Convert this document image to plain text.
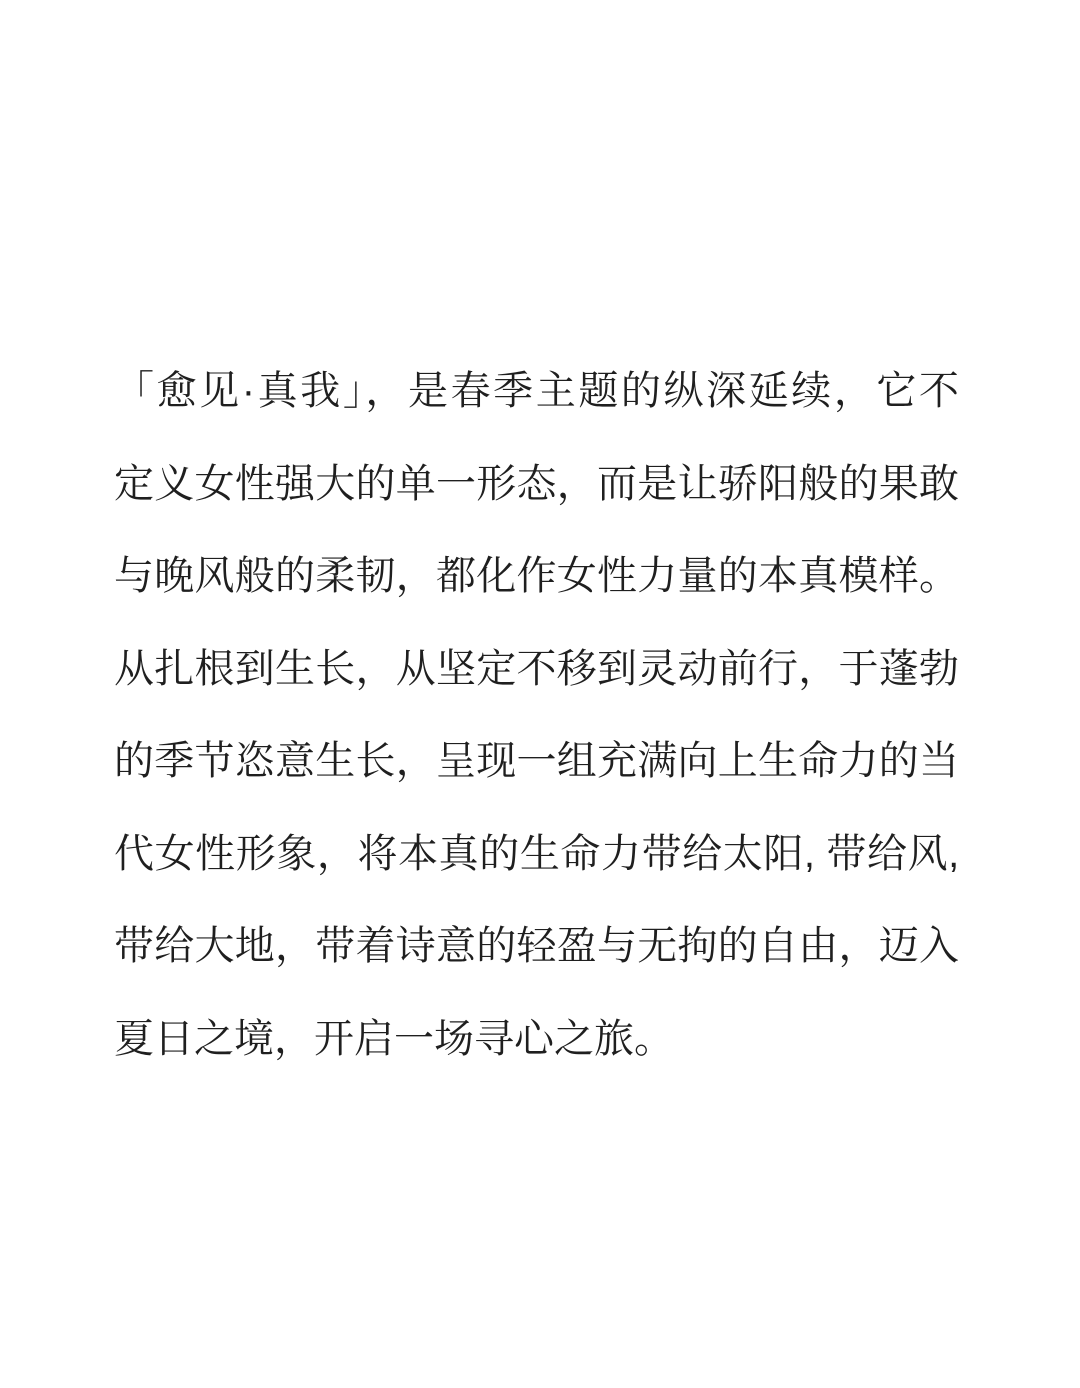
「愈见·真我」，是春季主题的纵深延续，它不
定义女性强大的单一形态，而是让骄阳般的果敢
与晚风般的柔韧，都化作女性力量的本真模样。
从扎根到生长，从坚定不移到灵动前行，于蓬勃
的季节恣意生长，呈现一组充满向上生命力的当
代女性形象，将本真的生命力带给太阳, 带给风,
带给大地，带着诗意的轻盈与无拘的自由，迈入
夏日之境，开启一场寻心之旅。
